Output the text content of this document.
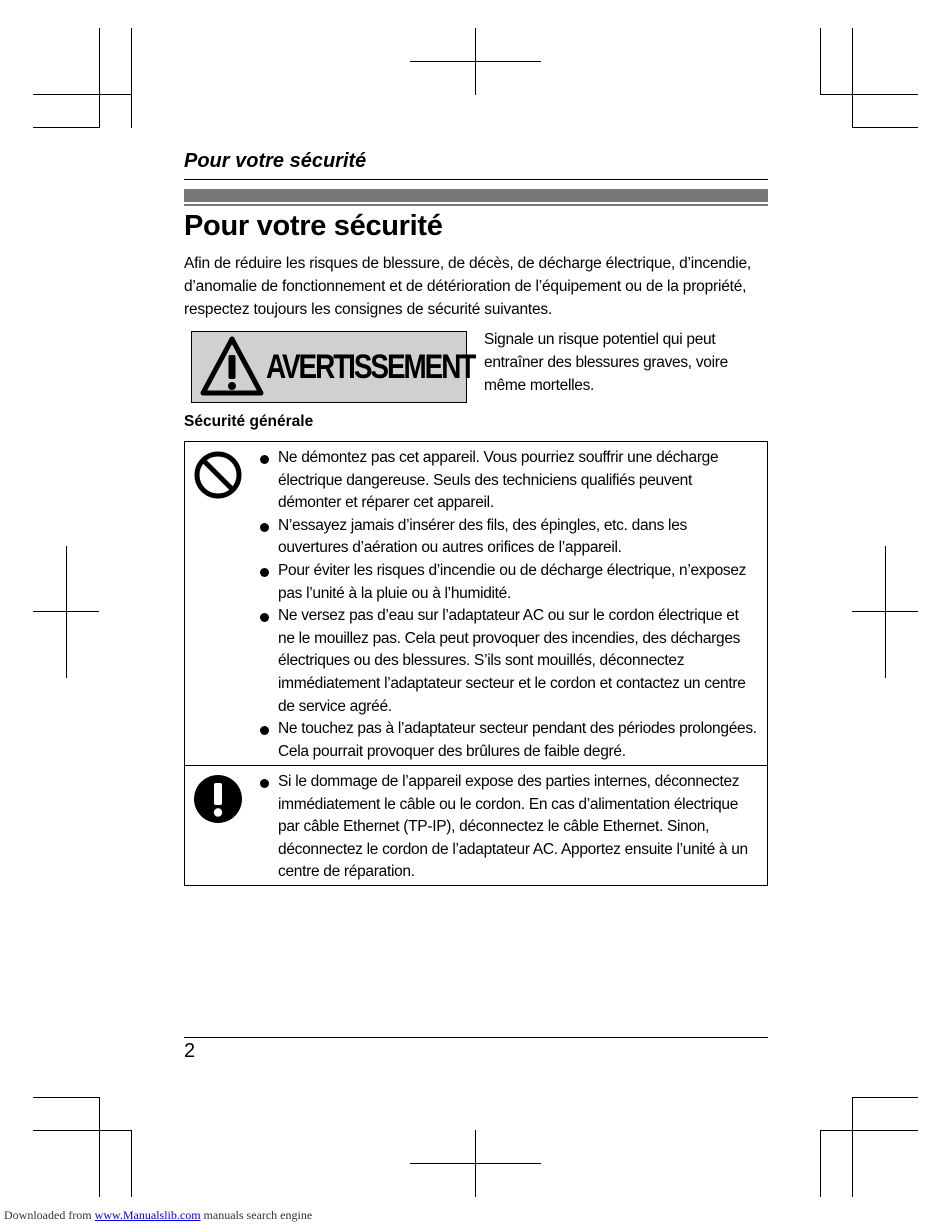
Pour votre sécurité
Pour votre sécurité
Afin de réduire les risques de blessure, de décès, de décharge électrique, d’incendie, d’anomalie de fonctionnement et de détérioration de l’équipement ou de la propriété, respectez toujours les consignes de sécurité suivantes.
AVERTISSEMENT
Signale un risque potentiel qui peut entraîner des blessures graves, voire même mortelles.
Sécurité générale
Ne démontez pas cet appareil. Vous pourriez souffrir une décharge électrique dangereuse. Seuls des techniciens qualifiés peuvent démonter et réparer cet appareil.
N’essayez jamais d’insérer des fils, des épingles, etc. dans les ouvertures d’aération ou autres orifices de l’appareil.
Pour éviter les risques d’incendie ou de décharge électrique, n’exposez pas l’unité à la pluie ou à l’humidité.
Ne versez pas d’eau sur l’adaptateur AC ou sur le cordon électrique et ne le mouillez pas. Cela peut provoquer des incendies, des décharges électriques ou des blessures. S’ils sont mouillés, déconnectez immédiatement l’adaptateur secteur et le cordon et contactez un centre de service agréé.
Ne touchez pas à l’adaptateur secteur pendant des périodes prolongées. Cela pourrait provoquer des brûlures de faible degré.
Si le dommage de l’appareil expose des parties internes, déconnectez immédiatement le câble ou le cordon. En cas d’alimentation électrique par câble Ethernet (TP-IP), déconnectez le câble Ethernet. Sinon, déconnectez le cordon de l’adaptateur AC. Apportez ensuite l’unité à un centre de réparation.
2
Downloaded from www.Manualslib.com manuals search engine
